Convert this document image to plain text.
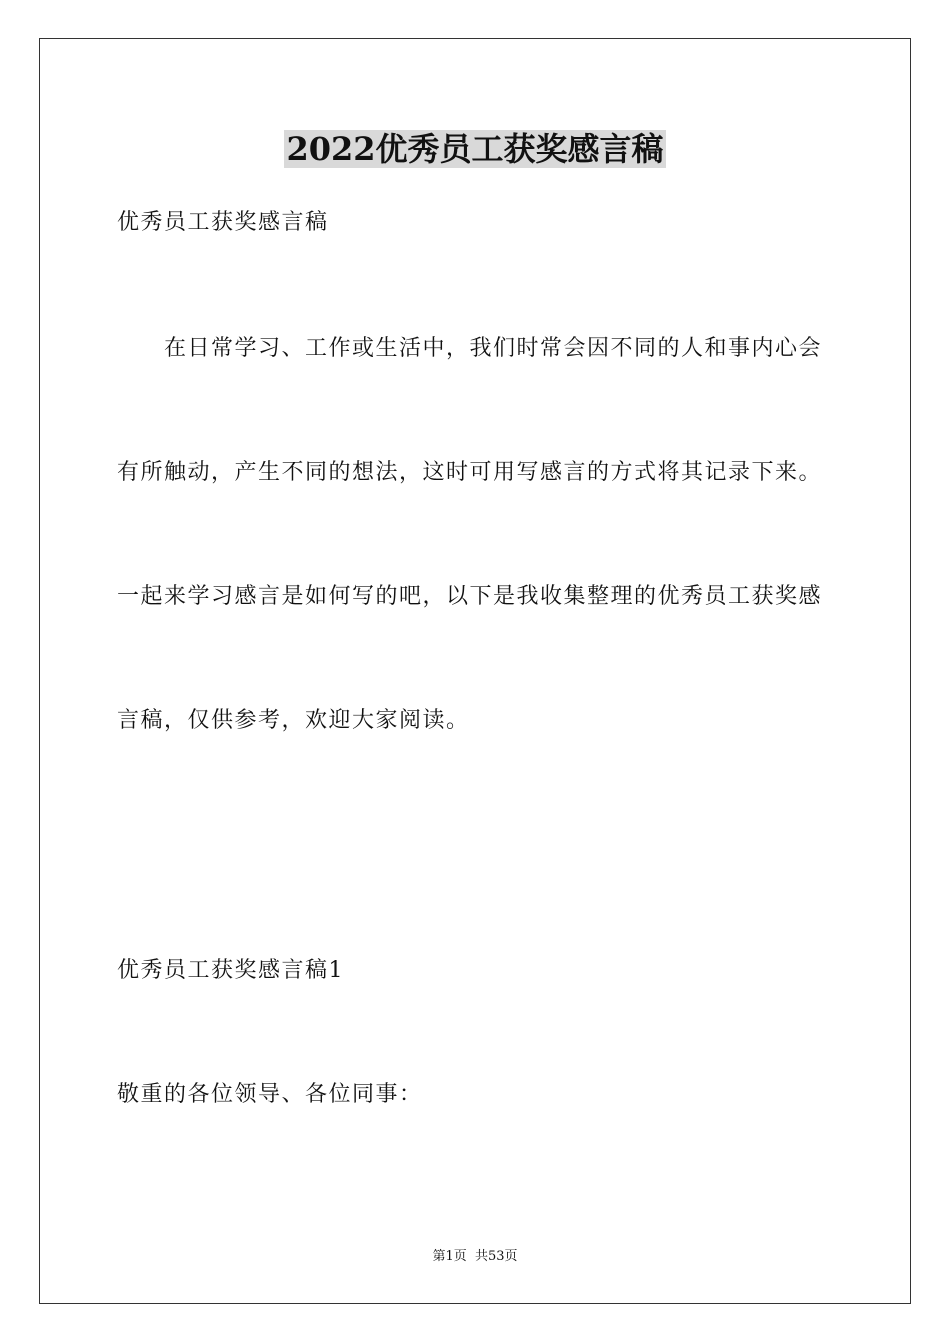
2022优秀员工获奖感言稿
优秀员工获奖感言稿
在日常学习、工作或生活中，我们时常会因不同的人和事内心会
有所触动，产生不同的想法，这时可用写感言的方式将其记录下来。
一起来学习感言是如何写的吧，以下是我收集整理的优秀员工获奖感
言稿，仅供参考，欢迎大家阅读。
优秀员工获奖感言稿1
敬重的各位领导、各位同事：
第1页  共53页
